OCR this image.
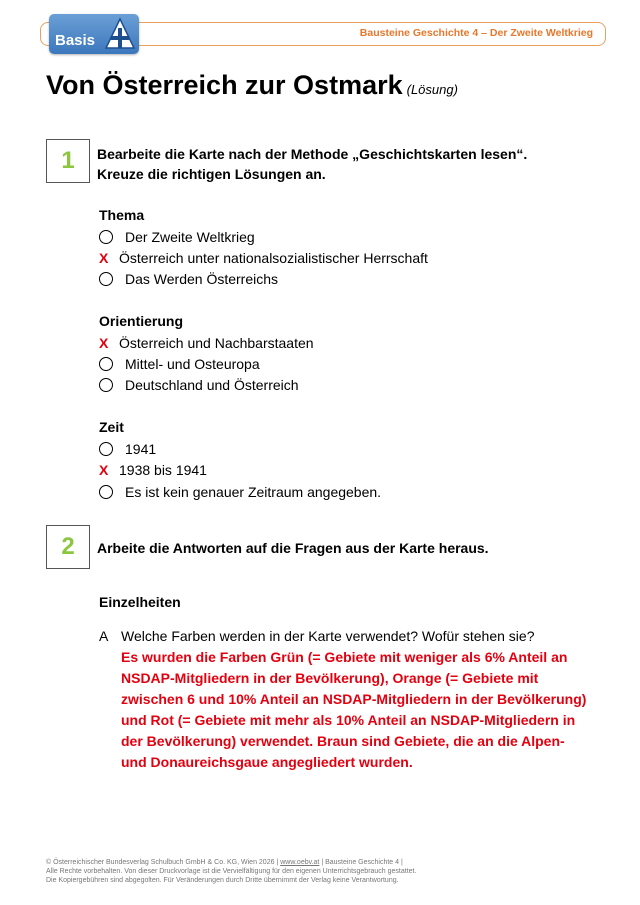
Bausteine Geschichte 4 – Der Zweite Weltkrieg
Basis
Von Österreich zur Ostmark (Lösung)
1	Bearbeite die Karte nach der Methode „Geschichtskarten lesen“.
Kreuze die richtigen Lösungen an.
Thema
Der Zweite Weltkrieg
X Österreich unter nationalsozialistischer Herrschaft
Das Werden Österreichs
Orientierung
X Österreich und Nachbarstaaten
Mittel- und Osteuropa
Deutschland und Österreich
Zeit
1941
X 1938 bis 1941
Es ist kein genauer Zeitraum angegeben.
2	Arbeite die Antworten auf die Fragen aus der Karte heraus.
Einzelheiten
A Welche Farben werden in der Karte verwendet? Wofür stehen sie?
Es wurden die Farben Grün (= Gebiete mit weniger als 6% Anteil an
NSDAP-Mitgliedern in der Bevölkerung), Orange (= Gebiete mit
zwischen 6 und 10% Anteil an NSDAP-Mitgliedern in der Bevölkerung)
und Rot (= Gebiete mit mehr als 10% Anteil an NSDAP-Mitgliedern in
der Bevölkerung) verwendet. Braun sind Gebiete, die an die Alpen-
und Donaureichsgaue angegliedert wurden.
© Österreichischer Bundesverlag Schulbuch GmbH & Co. KG, Wien 2026 | www.oebv.at | Bausteine Geschichte 4 |
Alle Rechte vorbehalten. Von dieser Druckvorlage ist die Vervielfältigung für den eigenen Unterrichtsgebrauch gestattet.
Die Kopiergebühren sind abgegolten. Für Veränderungen durch Dritte übernimmt der Verlag keine Verantwortung.
